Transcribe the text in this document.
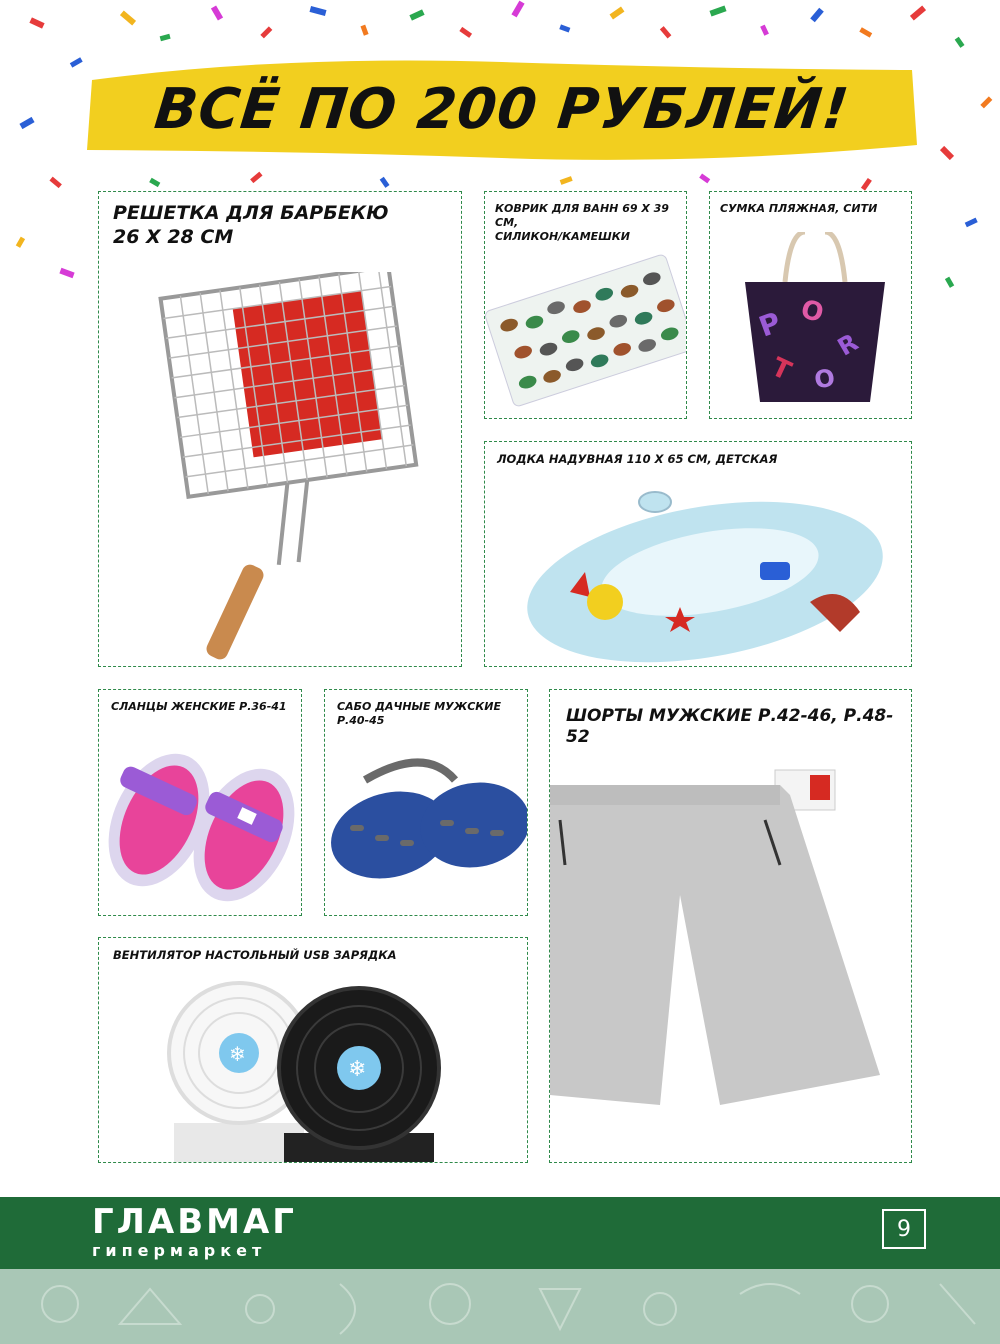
ВСЁ ПО 200 РУБЛЕЙ!
РЕШЕТКА ДЛЯ БАРБЕКЮ
26 Х 28 СМ
КОВРИК ДЛЯ ВАНН 69 Х 39 СМ,
СИЛИКОН/КАМЕШКИ
СУМКА ПЛЯЖНАЯ, СИТИ
P O
R
T O
ЛОДКА НАДУВНАЯ 110 Х 65 СМ, ДЕТСКАЯ
СЛАНЦЫ ЖЕНСКИЕ Р.36-41	САБО ДАЧНЫЕ МУЖСКИЕ Р.40-45	ШОРТЫ МУЖСКИЕ Р.42-46, Р.48-52
ВЕНТИЛЯТОР НАСТОЛЬНЫЙ USB ЗАРЯДКА
❄
❄
ГЛАВМАГ
гипермаркет
9
